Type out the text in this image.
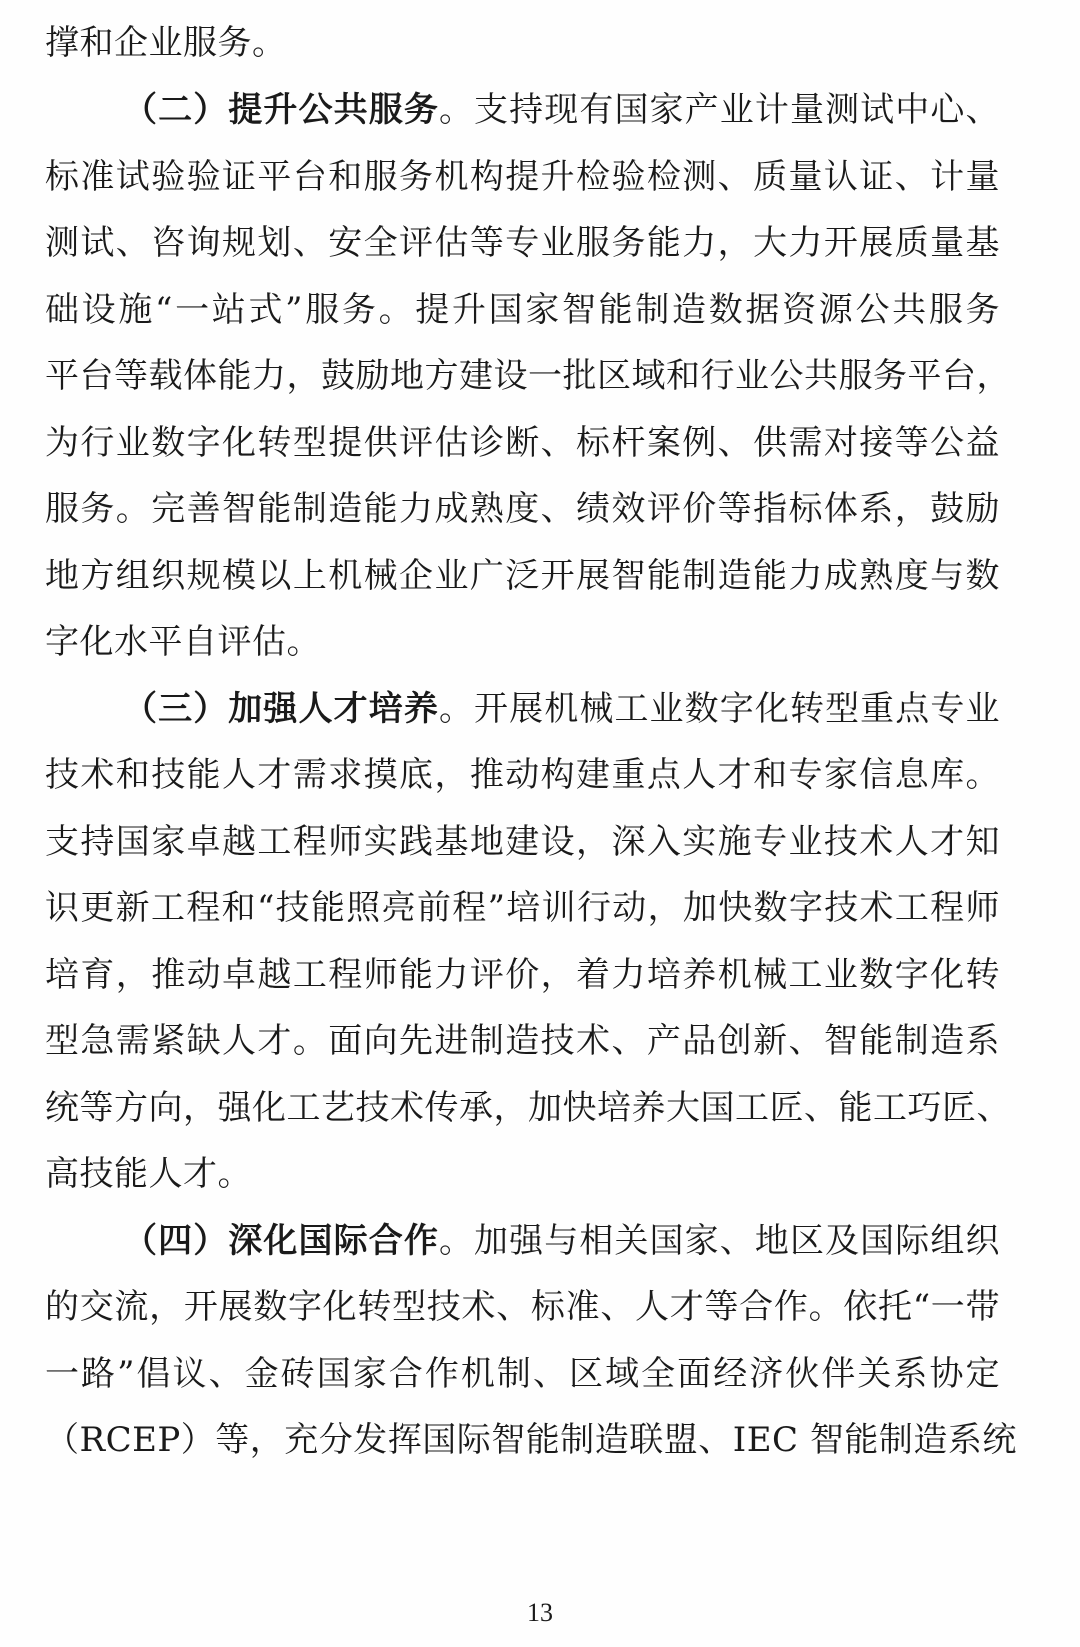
撑和企业服务。
（二）提升公共服务。支持现有国家产业计量测试中心、
标准试验验证平台和服务机构提升检验检测、质量认证、计量
测试、咨询规划、安全评估等专业服务能力，大力开展质量基
础设施“一站式”服务。提升国家智能制造数据资源公共服务
平台等载体能力，鼓励地方建设一批区域和行业公共服务平台，
为行业数字化转型提供评估诊断、标杆案例、供需对接等公益
服务。完善智能制造能力成熟度、绩效评价等指标体系，鼓励
地方组织规模以上机械企业广泛开展智能制造能力成熟度与数
字化水平自评估。
（三）加强人才培养。开展机械工业数字化转型重点专业
技术和技能人才需求摸底，推动构建重点人才和专家信息库。
支持国家卓越工程师实践基地建设，深入实施专业技术人才知
识更新工程和“技能照亮前程”培训行动，加快数字技术工程师
培育，推动卓越工程师能力评价，着力培养机械工业数字化转
型急需紧缺人才。面向先进制造技术、产品创新、智能制造系
统等方向，强化工艺技术传承，加快培养大国工匠、能工巧匠、
高技能人才。
（四）深化国际合作。加强与相关国家、地区及国际组织
的交流，开展数字化转型技术、标准、人才等合作。依托“一带
一路”倡议、金砖国家合作机制、区域全面经济伙伴关系协定
（RCEP）等，充分发挥国际智能制造联盟、IEC 智能制造系统
13
